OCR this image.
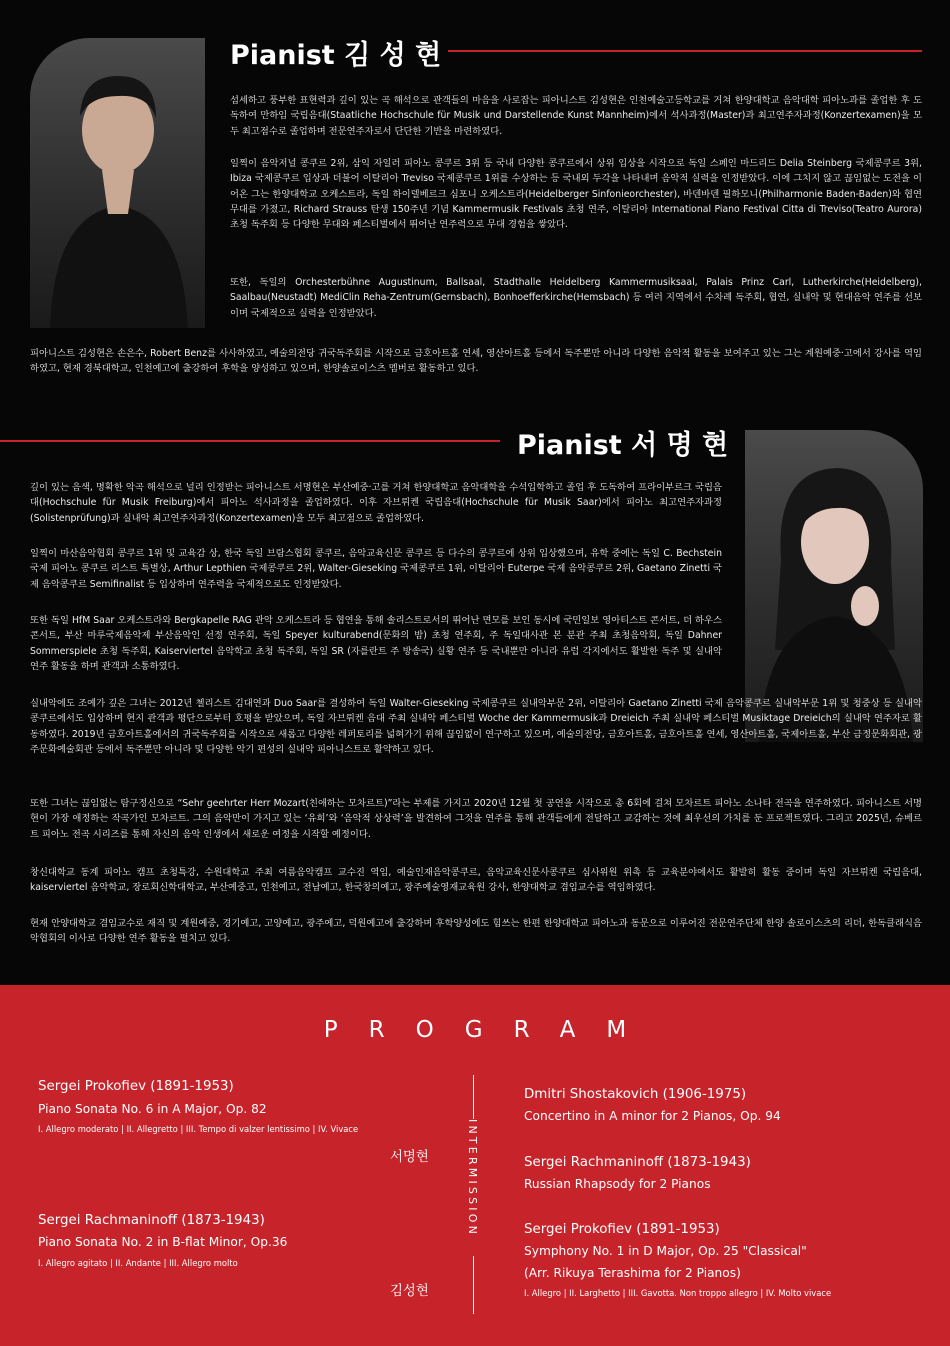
Pianist 김 성 현
섬세하고 풍부한 표현력과 깊이 있는 곡 해석으로 관객들의 마음을 사로잡는 피아니스트 김성현은 인천예술고등학교를 거쳐 한양대학교 음악대학 피아노과를 졸업한 후 도독하여 만하임 국립음대(Staatliche Hochschule für Musik und Darstellende Kunst Mannheim)에서 석사과정(Master)과 최고연주자과정(Konzertexamen)을 모두 최고점수로 졸업하며 전문연주자로서 단단한 기반을 마련하였다.
일찍이 음악저널 콩쿠르 2위, 삼익 자일러 피아노 콩쿠르 3위 등 국내 다양한 콩쿠르에서 상위 입상을 시작으로 독일 스페인 마드리드 Delia Steinberg 국제콩쿠르 3위, Ibiza 국제콩쿠르 입상과 더불어 이탈리아 Treviso 국제콩쿠르 1위를 수상하는 등 국내외 두각을 나타내며 음악적 실력을 인정받았다. 이에 그치지 않고 끊임없는 도전을 이어온 그는 한양대학교 오케스트라, 독일 하이델베르크 심포니 오케스트라(Heidelberger Sinfonieorchester), 바덴바덴 필하모니(Philharmonie Baden-Baden)와 협연 무대를 가졌고, Richard Strauss 탄생 150주년 기념 Kammermusik Festivals 초청 연주, 이탈리아 International Piano Festival Citta di Treviso(Teatro Aurora) 초청 독주회 등 다양한 무대와 페스티벌에서 뛰어난 연주력으로 무대 경험을 쌓았다.
또한, 독일의 Orchesterbühne Augustinum, Ballsaal, Stadthalle Heidelberg Kammermusiksaal, Palais Prinz Carl, Lutherkirche(Heidelberg), Saalbau(Neustadt) MediClin Reha-Zentrum(Gernsbach), Bonhoefferkirche(Hemsbach) 등 여러 지역에서 수차례 독주회, 협연, 실내악 및 현대음악 연주를 선보이며 국제적으로 실력을 인정받았다.
피아니스트 김성현은 손은수, Robert Benz를 사사하였고, 예술의전당 귀국독주회를 시작으로 금호아트홀 연세, 영산아트홀 등에서 독주뿐만 아니라 다양한 음악적 활동을 보여주고 있는 그는 계원예중·고에서 강사를 역임하였고, 현재 경북대학교, 인천예고에 출강하여 후학을 양성하고 있으며, 한양솔로이스츠 멤버로 활동하고 있다.
Pianist 서 명 현
깊이 있는 음색, 명확한 악곡 해석으로 널리 인정받는 피아니스트 서명현은 부산예중·고를 거쳐 한양대학교 음악대학을 수석입학하고 졸업 후 도독하여 프라이부르크 국립음대(Hochschule für Musik Freiburg)에서 피아노 석사과정을 졸업하였다. 이후 자브뤼켄 국립음대(Hochschule für Musik Saar)에서 피아노 최고연주자과정(Solistenprüfung)과 실내악 최고연주자과정(Konzertexamen)을 모두 최고점으로 졸업하였다.
일찍이 마산음악협회 콩쿠르 1위 및 교육감 상, 한국 독일 브람스협회 콩쿠르, 음악교육신문 콩쿠르 등 다수의 콩쿠르에 상위 입상했으며, 유학 중에는 독일 C. Bechstein 국제 피아노 콩쿠르 리스트 특별상, Arthur Lepthien 국제콩쿠르 2위, Walter-Gieseking 국제콩쿠르 1위, 이탈리아 Euterpe 국제 음악콩쿠르 2위, Gaetano Zinetti 국제 음악콩쿠르 Semifinalist 등 입상하며 연주력을 국제적으로도 인정받았다.
또한 독일 HfM Saar 오케스트라와 Bergkapelle RAG 관악 오케스트라 등 협연을 통해 솔리스트로서의 뛰어난 면모를 보인 동시에 국민일보 영아티스트 콘서트, 더 하우스콘서트, 부산 마루국제음악제 부산음악인 선정 연주회, 독일 Speyer kulturabend(문화의 밤) 초청 연주회, 주 독일대사관 본 분관 주최 초청음악회, 독일 Dahner Sommerspiele 초청 독주회, Kaiserviertel 음악학교 초청 독주회, 독일 SR (자를란트 주 방송국) 실황 연주 등 국내뿐만 아니라 유럽 각지에서도 활발한 독주 및 실내악 연주 활동을 하며 관객과 소통하였다.
실내악에도 조예가 깊은 그녀는 2012년 첼리스트 김대연과 Duo Saar를 결성하여 독일 Walter-Gieseking 국제콩쿠르 실내악부문 2위, 이탈리아 Gaetano Zinetti 국제 음악콩쿠르 실내악부문 1위 및 청중상 등 실내악 콩쿠르에서도 입상하며 현지 관객과 평단으로부터 호평을 받았으며, 독일 자브뤼켄 음대 주최 실내악 페스티벌 Woche der Kammermusik과 Dreieich 주최 실내악 페스티벌 Musiktage Dreieich의 실내악 연주자로 활동하였다. 2019년 금호아트홀에서의 귀국독주회를 시작으로 새롭고 다양한 레퍼토리를 넓혀가기 위해 끊임없이 연구하고 있으며, 예술의전당, 금호아트홀, 금호아트홀 연세, 영산아트홀, 국제아트홀, 부산 금정문화회관, 광주문화예술회관 등에서 독주뿐만 아니라 및 다양한 악기 편성의 실내악 피아니스트로 활약하고 있다.
또한 그녀는 끊임없는 탐구정신으로 “Sehr geehrter Herr Mozart(친애하는 모차르트)”라는 부제를 가지고 2020년 12월 첫 공연을 시작으로 총 6회에 걸쳐 모차르트 피아노 소나타 전곡을 연주하였다. 피아니스트 서명현이 가장 애정하는 작곡가인 모차르트. 그의 음악만이 가지고 있는 ‘유희’와 ‘음악적 상상력’을 발견하여 그것을 연주를 통해 관객들에게 전달하고 교감하는 것에 최우선의 가치를 둔 프로젝트였다. 그리고 2025년, 슈베르트 피아노 전곡 시리즈를 통해 자신의 음악 인생에서 새로운 여정을 시작할 예정이다.
창신대학교 동계 피아노 캠프 초청특강, 수원대학교 주최 여름음악캠프 교수진 역임, 예술인재음악콩쿠르, 음악교육신문사콩쿠르 심사위원 위촉 등 교육분야에서도 활발히 활동 중이며 독일 자브뤼켄 국립음대, kaiserviertel 음악학교, 장로회신학대학교, 부산예중고, 인천예고, 전남예고, 한국창의예고, 광주예술영재교육원 강사, 한양대학교 겸임교수를 역임하였다.
현재 안양대학교 겸임교수로 재직 및 계원예중, 경기예고, 고양예고, 광주예고, 덕원예고에 출강하며 후학양성에도 힘쓰는 한편 한양대학교 피아노과 동문으로 이루어진 전문연주단체 한양 솔로이스츠의 리더, 한독클래식음악협회의 이사로 다양한 연주 활동을 펼치고 있다.
PROGRAM
Sergei Prokofiev (1891-1953)
Piano Sonata No. 6 in A Major, Op. 82
I. Allegro moderato | II. Allegretto | III. Tempo di valzer lentissimo | IV. Vivace
서명현
Sergei Rachmaninoff (1873-1943)
Piano Sonata No. 2 in B-flat Minor, Op.36
I. Allegro agitato | II. Andante | III. Allegro molto
김성현
INTERMISSION
Dmitri Shostakovich (1906-1975)
Concertino in A minor for 2 Pianos, Op. 94
Sergei Rachmaninoff (1873-1943)
Russian Rhapsody for 2 Pianos
Sergei Prokofiev (1891-1953)
Symphony No. 1 in D Major, Op. 25 "Classical"
(Arr. Rikuya Terashima for 2 Pianos)
I. Allegro | II. Larghetto | III. Gavotta. Non troppo allegro | IV. Molto vivace
